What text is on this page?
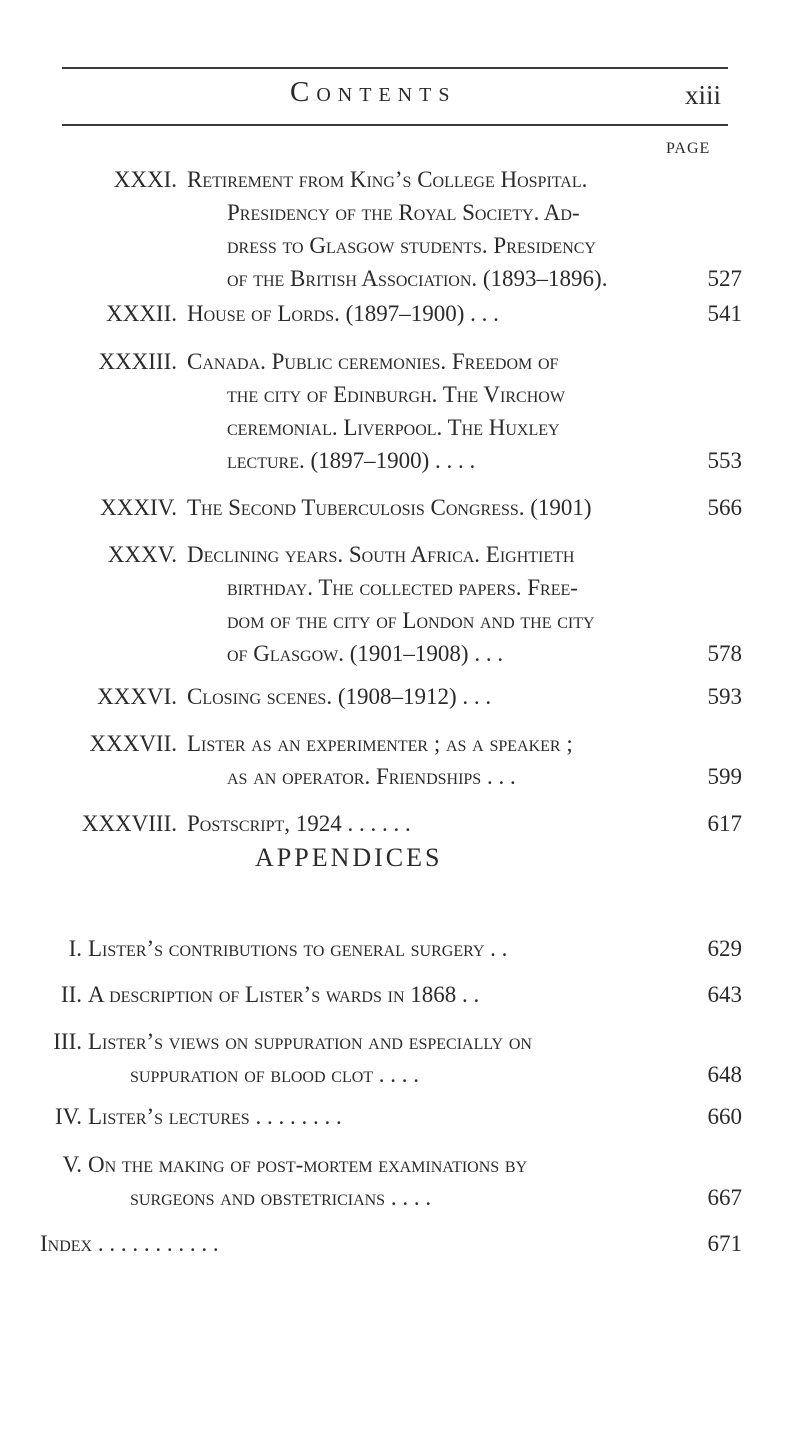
Contents	xiii
PAGE
XXXI. Retirement from King’s College Hospital.
Presidency of the Royal Society. Ad-
dress to Glasgow students. Presidency
of the British Association. (1893–1896).	527
XXXII. House of Lords. (1897–1900) . . .	541
XXXIII. Canada. Public ceremonies. Freedom of
the city of Edinburgh. The Virchow
ceremonial. Liverpool. The Huxley
lecture. (1897–1900) . . . .	553
XXXIV. The Second Tuberculosis Congress. (1901)	566
XXXV. Declining years. South Africa. Eightieth
birthday. The collected papers. Free-
dom of the city of London and the city
of Glasgow. (1901–1908) . . .	578
XXXVI. Closing scenes. (1908–1912) . . .	593
XXXVII. Lister as an experimenter ; as a speaker ;
as an operator. Friendships . . .	599
XXXVIII. Postscript, 1924 . . . . . .	617
APPENDICES
I. Lister’s contributions to general surgery . .	629
II. A description of Lister’s wards in 1868 . .	643
III. Lister’s views on suppuration and especially on
suppuration of blood clot . . . .	648
IV. Lister’s lectures . . . . . . . .	660
V. On the making of post-mortem examinations by
surgeons and obstetricians . . . .	667
Index . . . . . . . . . . .	671
